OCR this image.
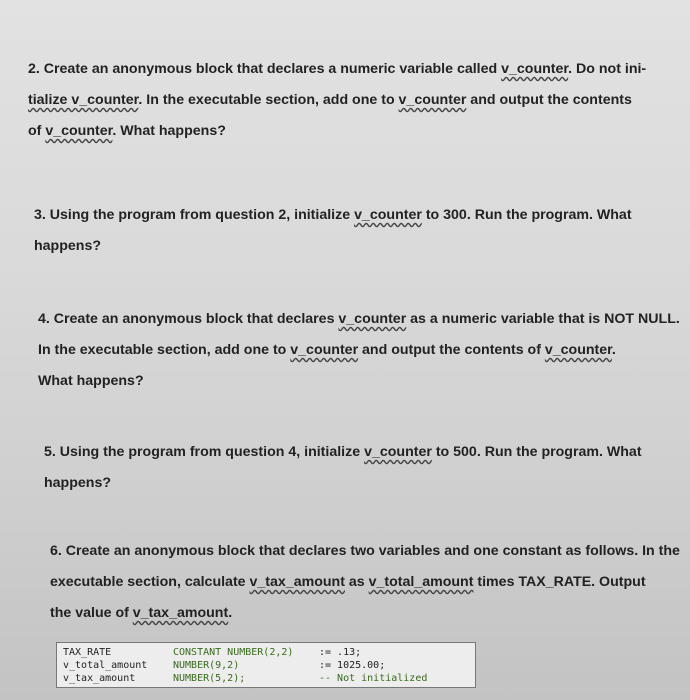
2. Create an anonymous block that declares a numeric variable called v_counter. Do not ini-
tialize v_counter. In the executable section, add one to v_counter and output the contents
of v_counter. What happens?
3. Using the program from question 2, initialize v_counter to 300. Run the program. What
happens?
4. Create an anonymous block that declares v_counter as a numeric variable that is NOT NULL.
In the executable section, add one to v_counter and output the contents of v_counter.
What happens?
5. Using the program from question 4, initialize v_counter to 500. Run the program. What
happens?
6. Create an anonymous block that declares two variables and one constant as follows. In the
executable section, calculate v_tax_amount as v_total_amount times TAX_RATE. Output
the value of v_tax_amount.
TAX_RATE	CONSTANT NUMBER(2,2)	:= .13;
v_total_amount	NUMBER(9,2)	:= 1025.00;
v_tax_amount	NUMBER(5,2);	-- Not initialized
